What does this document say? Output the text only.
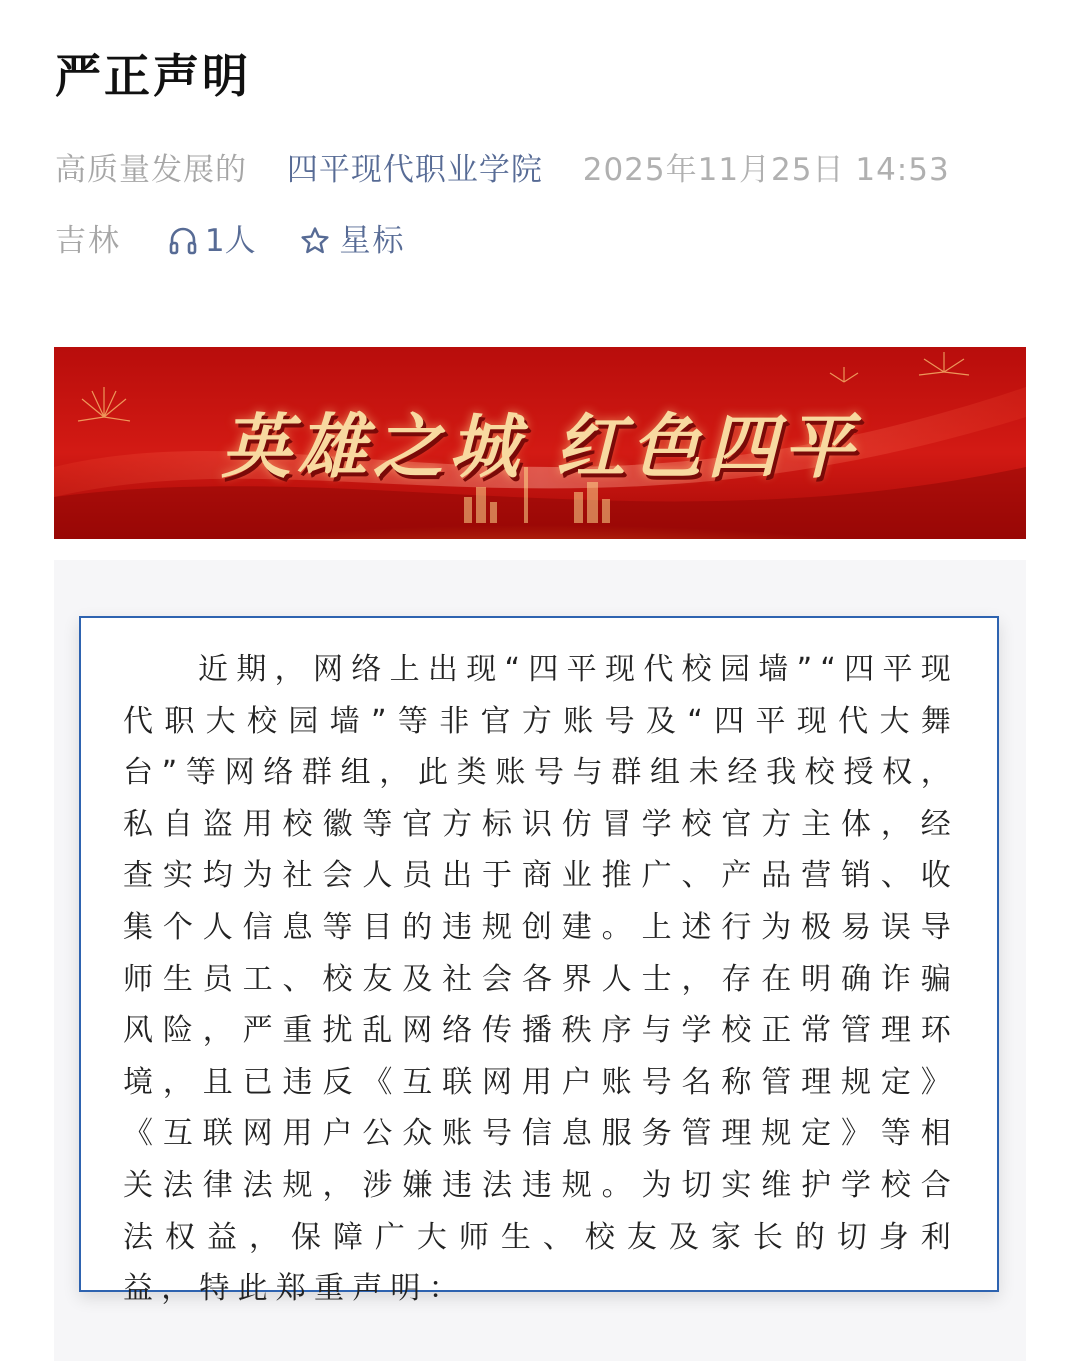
严正声明
高质量发展的 四平现代职业学院 2025年11月25日 14:53
吉林	1人	星标
英雄之城 红色四平

近期，网络上出现“四平现代校园墙”“四平现代职大校园墙”等非官方账号及“四平现代大舞台”等网络群组，此类账号与群组未经我校授权，私自盗用校徽等官方标识仿冒学校官方主体，经查实均为社会人员出于商业推广、产品营销、收集个人信息等目的违规创建。上述行为极易误导师生员工、校友及社会各界人士，存在明确诈骗风险，严重扰乱网络传播秩序与学校正常管理环境，且已违反《互联网用户账号名称管理规定》《互联网用户公众账号信息服务管理规定》等相关法律法规，涉嫌违法违规。为切实维护学校合法权益，保障广大师生、校友及家长的切身利益，特此郑重声明：
